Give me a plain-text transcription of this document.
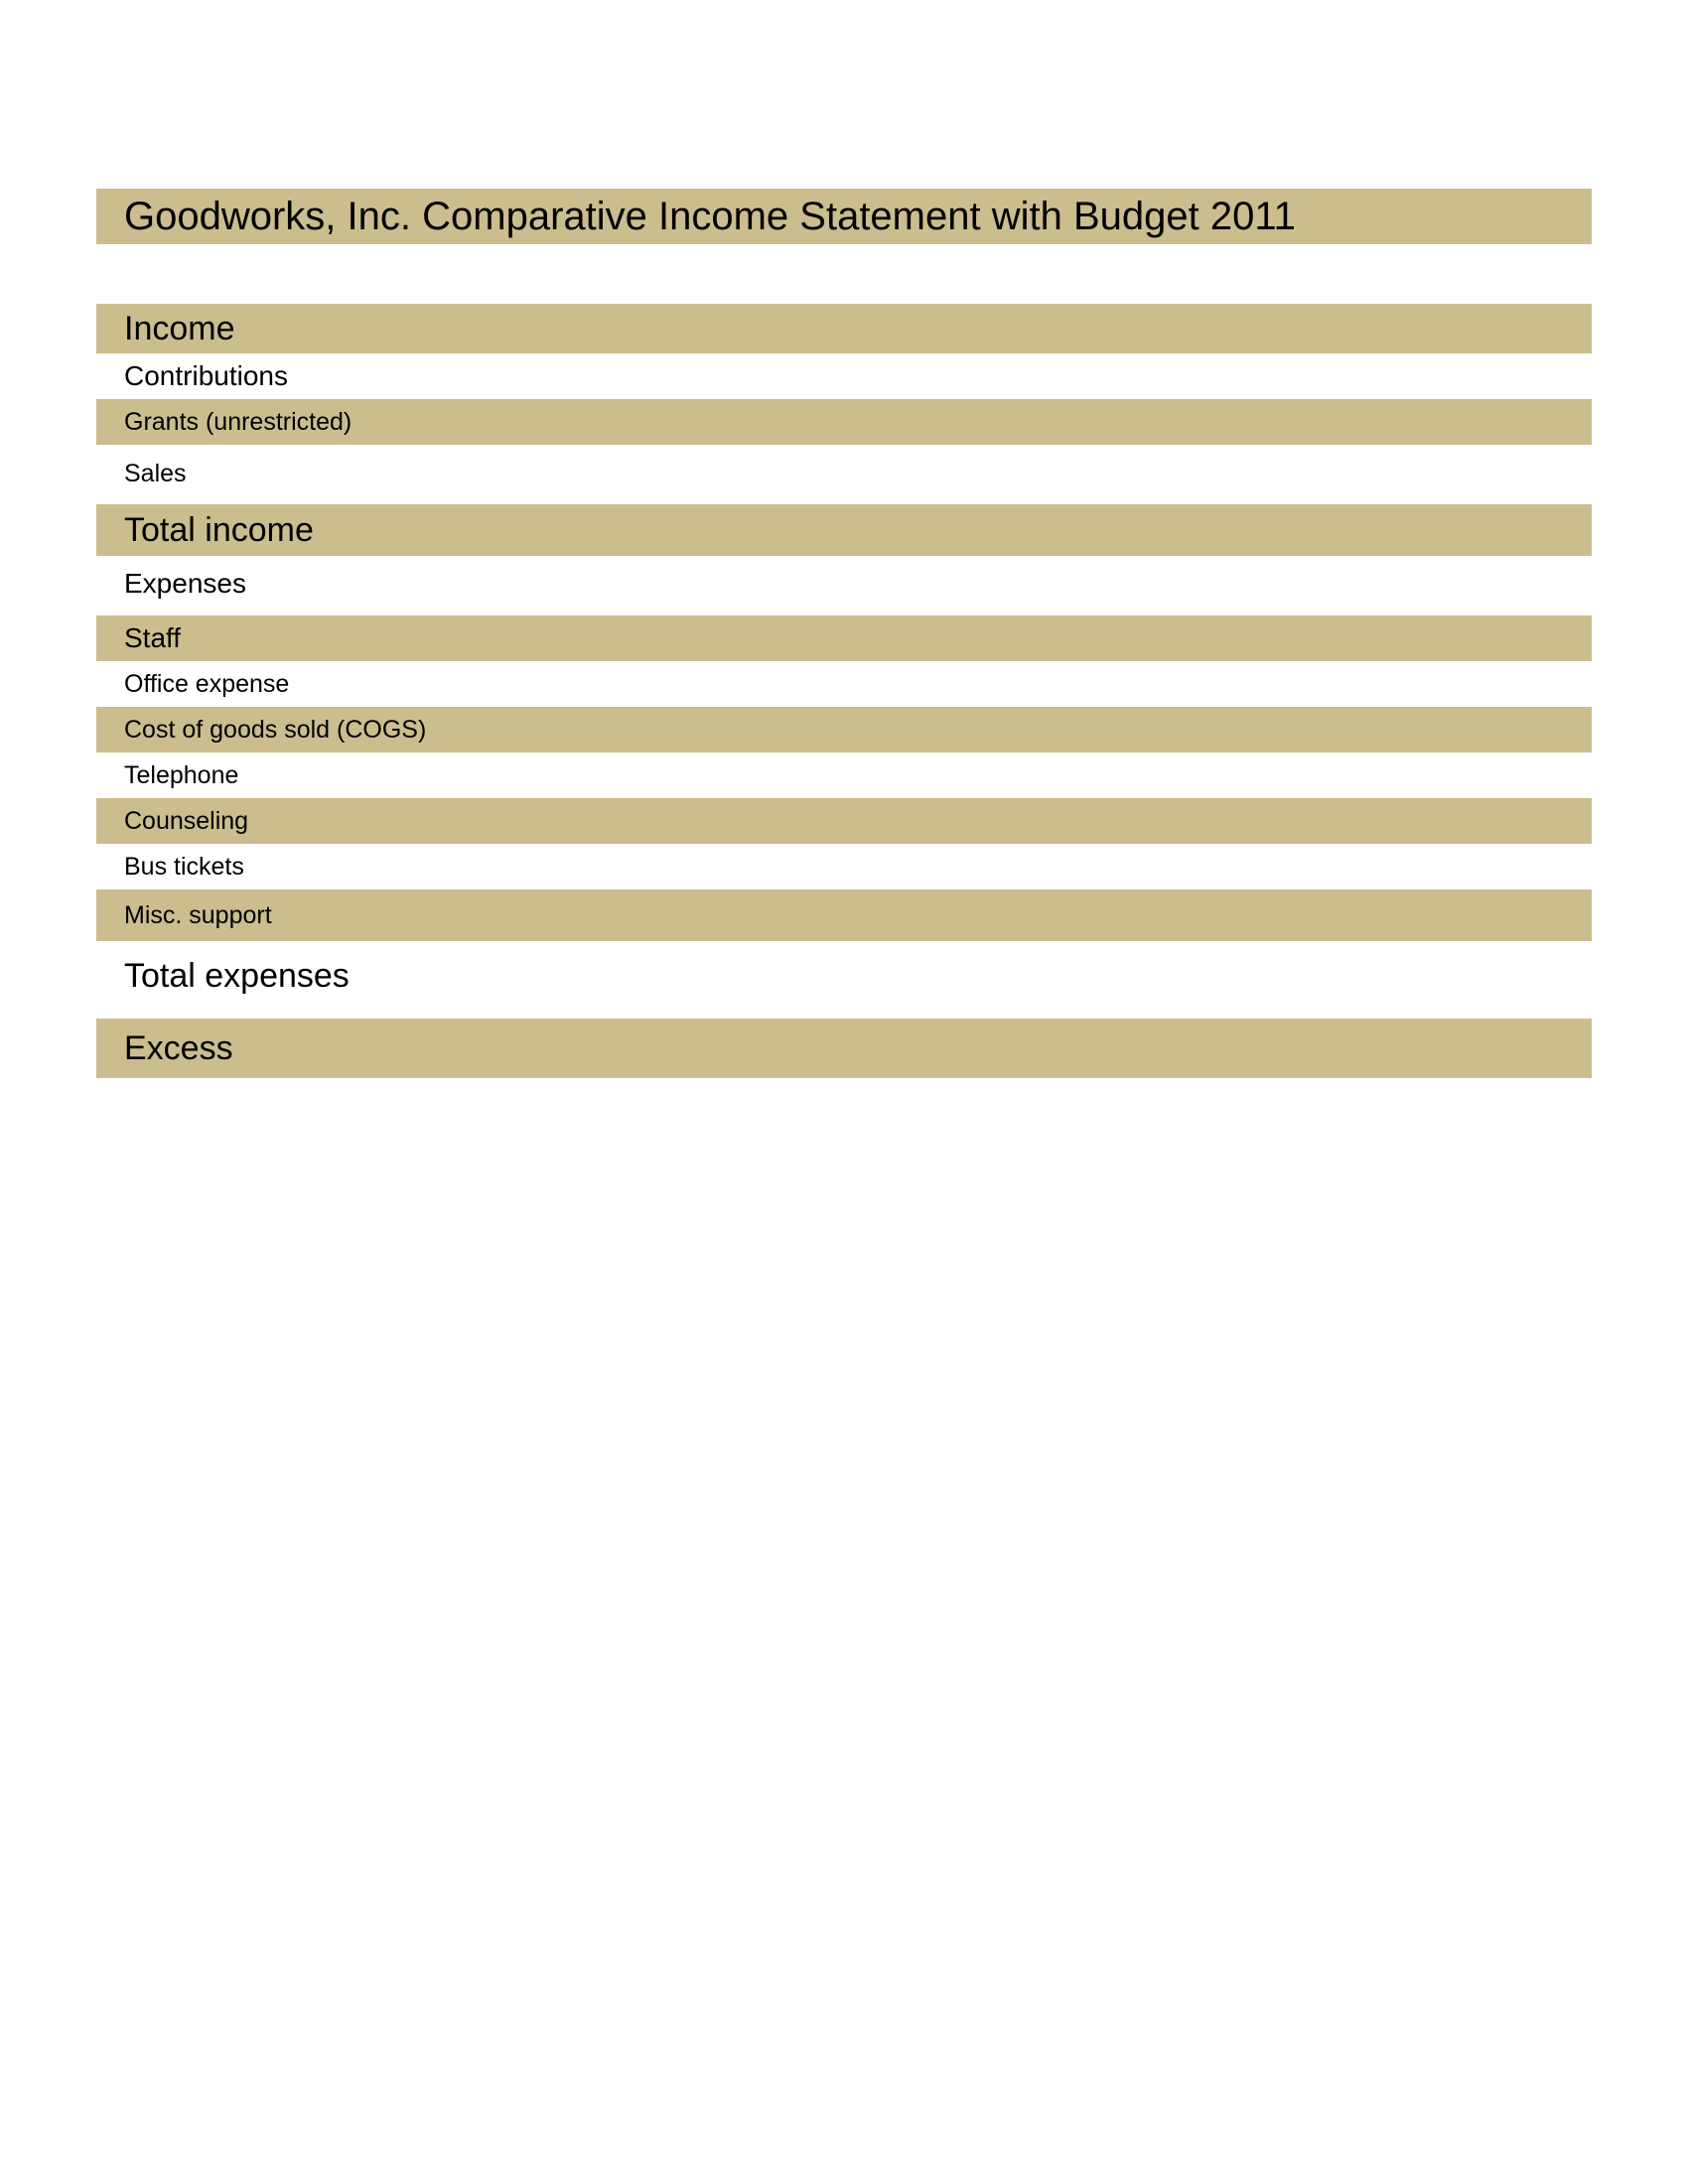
Goodworks, Inc. Comparative Income Statement with Budget 2011
Income
Contributions
Grants (unrestricted)
Sales
Total income
Expenses
Staff
Office expense
Cost of goods sold (COGS)
Telephone
Counseling
Bus tickets
Misc. support
Total expenses
Excess
